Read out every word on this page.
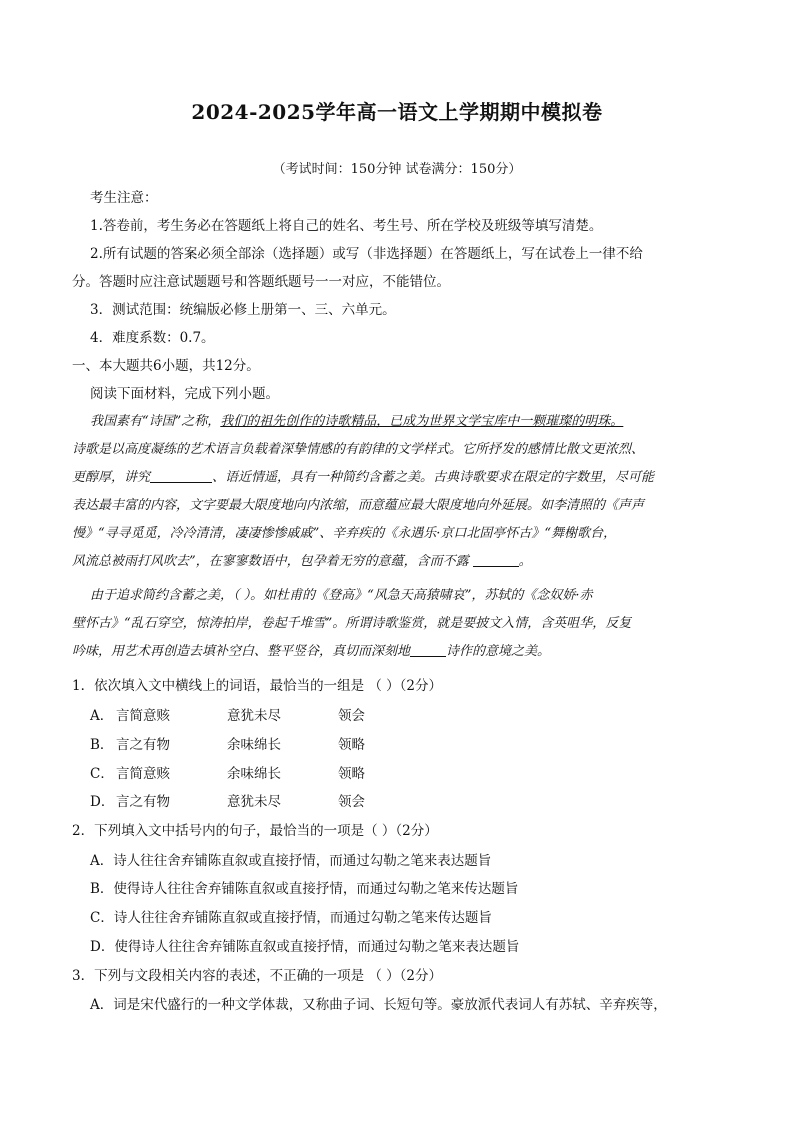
2024-2025学年高一语文上学期期中模拟卷
（考试时间：150分钟 试卷满分：150分）
考生注意：
1.答卷前，考生务必在答题纸上将自己的姓名、考生号、所在学校及班级等填写清楚。
2.所有试题的答案必须全部涂（选择题）或写（非选择题）在答题纸上，写在试卷上一律不给
分。答题时应注意试题题号和答题纸题号一一对应，不能错位。
3．测试范围：统编版必修上册第一、三、六单元。
4．难度系数：0.7。
一、本大题共6小题，共12分。
阅读下面材料，完成下列小题。
我国素有“诗国”之称，我们的祖先创作的诗歌精品，已成为世界文学宝库中一颗璀璨的明珠。
诗歌是以高度凝练的艺术语言负载着深挚情感的有韵律的文学样式。它所抒发的感情比散文更浓烈、
更醇厚，讲究	、语近情遥，具有一种简约含蓄之美。古典诗歌要求在限定的字数里，尽可能
表达最丰富的内容，文字要最大限度地向内浓缩，而意蕴应最大限度地向外延展。如李清照的《声声
慢》“寻寻觅觅，冷冷清清，凄凄惨惨戚戚”、辛弃疾的《永遇乐·京口北固亭怀古》“舞榭歌台，
风流总被雨打风吹去”，在寥寥数语中，包孕着无穷的意蕴，含而不露	。
由于追求简约含蓄之美，（ ）。如杜甫的《登高》“风急天高猿啸哀”，苏轼的《念奴娇·赤
壁怀古》“乱石穿空，惊涛拍岸，卷起千堆雪”。所谓诗歌鉴赏，就是要披文入情，含英咀华，反复
吟味，用艺术再创造去填补空白、整平竖谷，真切而深刻地	诗作的意境之美。
1．依次填入文中横线上的词语，最恰当的一组是 （ ）（2分）
A． 言简意赅	意犹未尽	领会
B． 言之有物	余味绵长	领略
C． 言简意赅	余味绵长	领略
D． 言之有物	意犹未尽	领会
2．下列填入文中括号内的句子，最恰当的一项是（ ）（2分）
A．诗人往往舍弃铺陈直叙或直接抒情，而通过勾勒之笔来表达题旨
B．使得诗人往往舍弃铺陈直叙或直接抒情，而通过勾勒之笔来传达题旨
C．诗人往往舍弃铺陈直叙或直接抒情，而通过勾勒之笔来传达题旨
D．使得诗人往往舍弃铺陈直叙或直接抒情，而通过勾勒之笔来表达题旨
3．下列与文段相关内容的表述，不正确的一项是 （ ）（2分）
A．词是宋代盛行的一种文学体裁，又称曲子词、长短句等。豪放派代表词人有苏轼、辛弃疾等，
